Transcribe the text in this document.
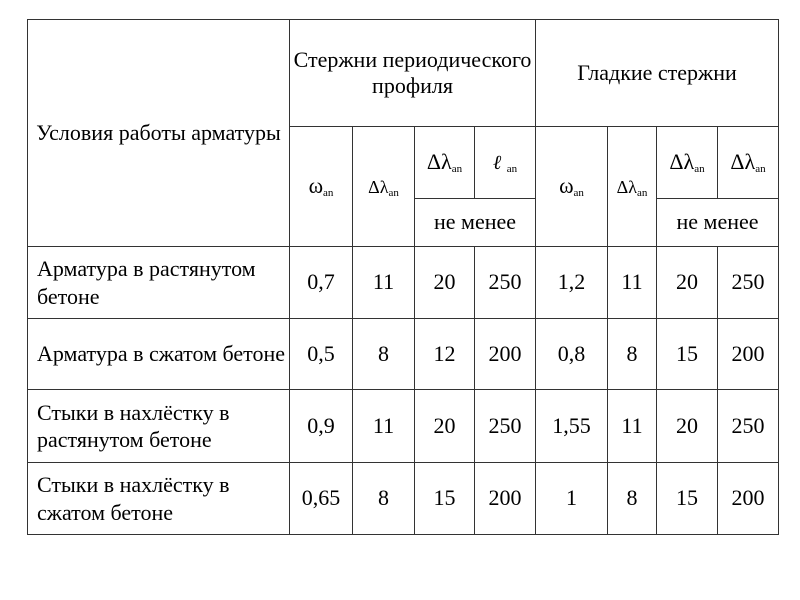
Условия работы арматуры	Стержни периодического профиля				Гладкие стержни			
	$\omega_{an}$	$\Delta\lambda_{an}$	$\Delta\lambda_{an}$	ℓ $_{an}$	$\omega_{an}$	$\Delta\lambda_{an}$	$\Delta\lambda_{an}$	$\Delta\lambda_{an}$
			не менее				не менее	
Арматура в растянутом бетоне	0,7	11	20	250	1,2	11	20	250
Арматура в сжатом бетоне	0,5	8	12	200	0,8	8	15	200
Стыки в нахлёстку в растянутом бетоне	0,9	11	20	250	1,55	11	20	250
Стыки в нахлёстку в сжатом бетоне	0,65	8	15	200	1	8	15	200
